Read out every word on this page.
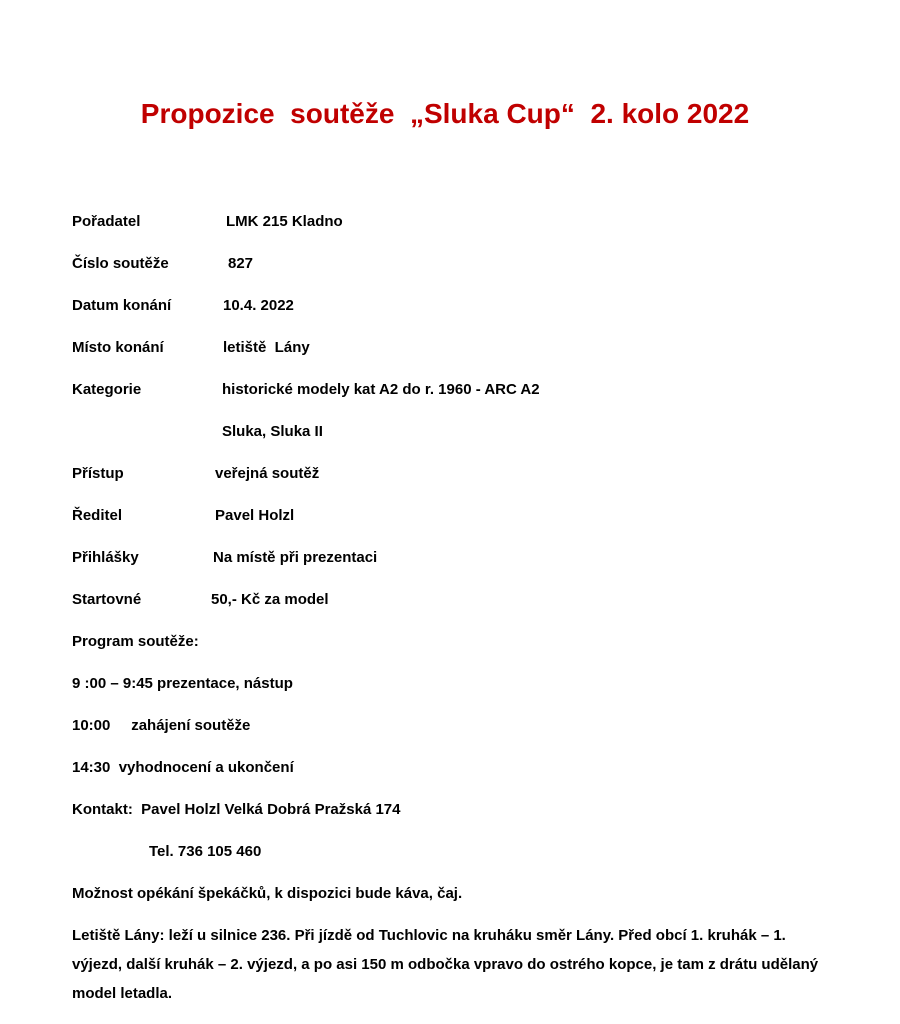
Propozice  soutěže  „Sluka Cup“  2. kolo 2022
Pořadatel	LMK 215 Kladno
Číslo soutěže	827
Datum konání	10.4. 2022
Místo konání	letiště  Lány
Kategorie	historické modely kat A2 do r. 1960 - ARC A2
Sluka, Sluka II
Přístup	veřejná soutěž
Ředitel	Pavel Holzl
Přihlášky	Na místě při prezentaci
Startovné	50,- Kč za model
Program soutěže:
9 :00 – 9:45 prezentace, nástup
10:00     zahájení soutěže
14:30  vyhodnocení a ukončení
Kontakt:  Pavel Holzl Velká Dobrá Pražská 174
Tel. 736 105 460
Možnost opékání špekáčků, k dispozici bude káva, čaj.
Letiště Lány: leží u silnice 236. Při jízdě od Tuchlovic na kruháku směr Lány. Před obcí 1. kruhák – 1. výjezd, další kruhák – 2. výjezd, a po asi 150 m odbočka vpravo do ostrého kopce, je tam z drátu udělaný model letadla.
